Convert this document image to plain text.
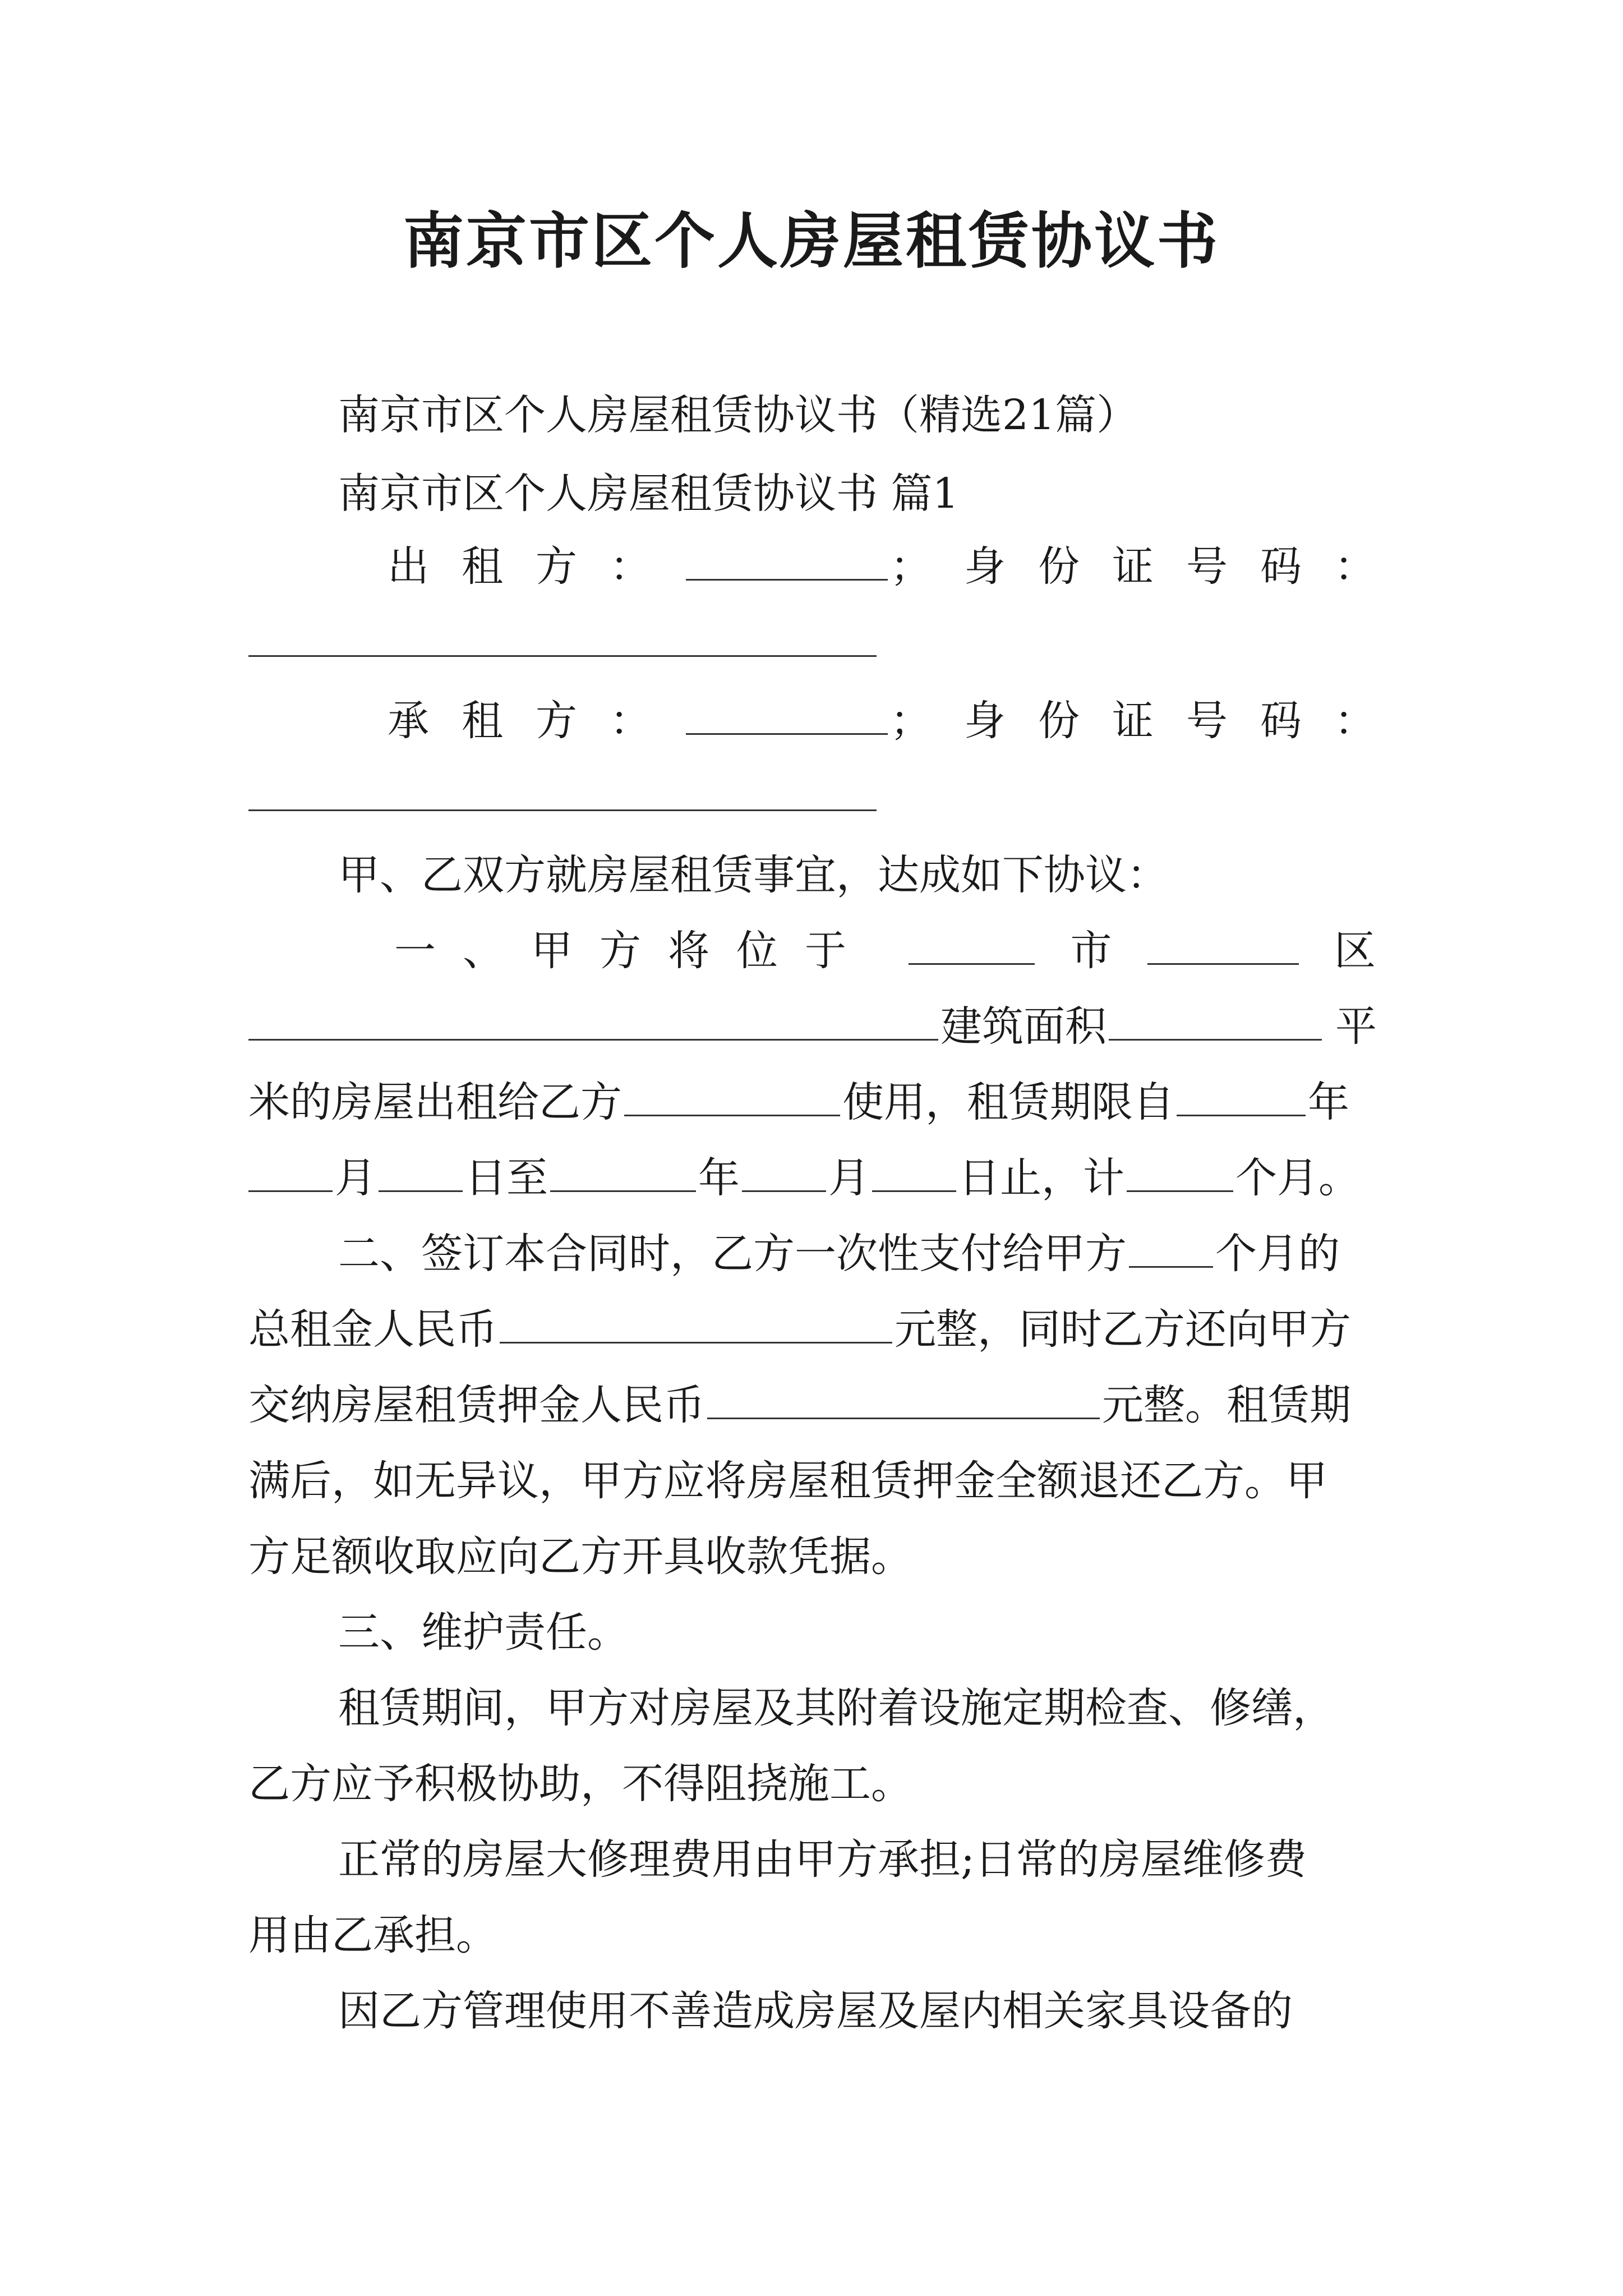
南京市区个人房屋租赁协议书
南京市区个人房屋租赁协议书（精选21篇）
南京市区个人房屋租赁协议书 篇1
出租方：	；身份证号码：
承租方：	；身份证号码：
甲、乙双方就房屋租赁事宜，达成如下协议：
一、甲方将位于	市	区
建筑面积	平
米的房屋出租给乙方	使用，租赁期限自	年
月 日至	年 月 日止，计	个月。
二、签订本合同时，乙方一次性支付给甲方 个月的
总租金人民币	元整，同时乙方还向甲方
交纳房屋租赁押金人民币	元整。租赁期
满后，如无异议，甲方应将房屋租赁押金全额退还乙方。甲
方足额收取应向乙方开具收款凭据。
三、维护责任。
租赁期间，甲方对房屋及其附着设施定期检查、修缮，
乙方应予积极协助，不得阻挠施工。
正常的房屋大修理费用由甲方承担;日常的房屋维修费
用由乙承担。
因乙方管理使用不善造成房屋及屋内相关家具设备的
